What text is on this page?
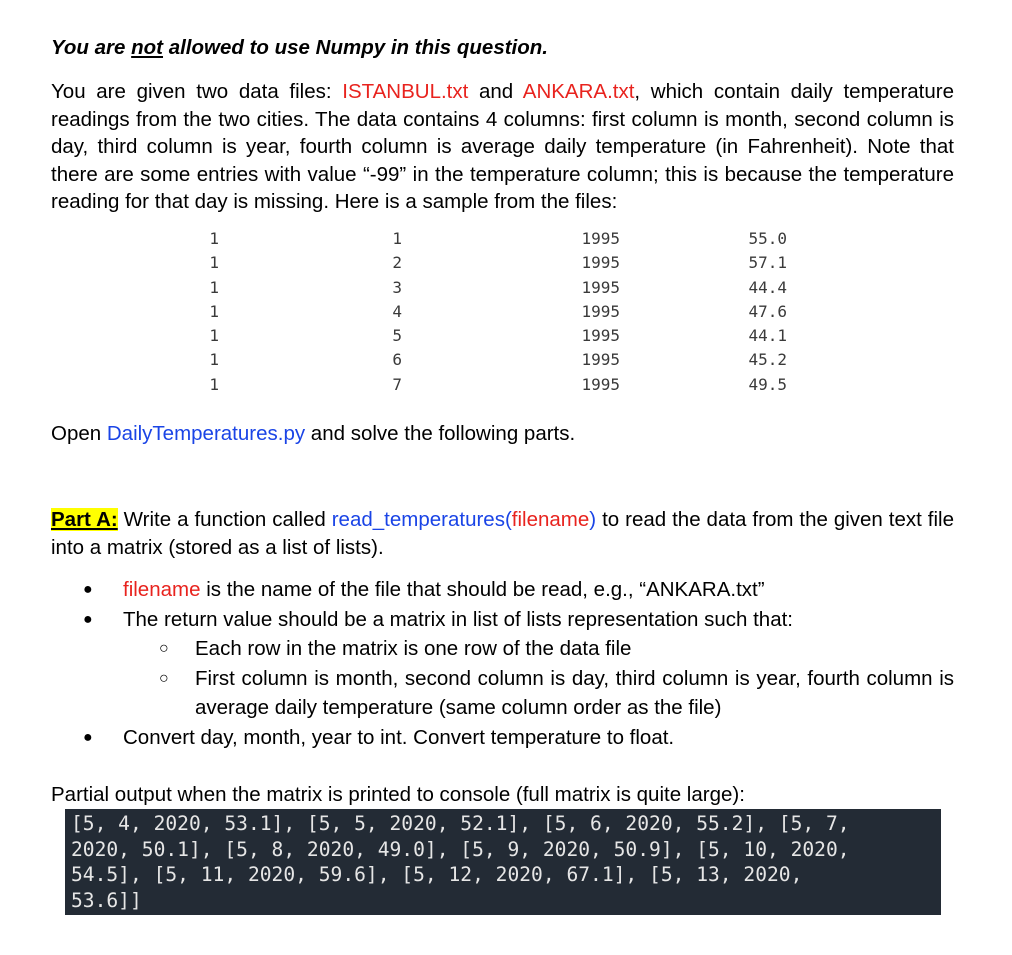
You are not allowed to use Numpy in this question.

You are given two data files: ISTANBUL.txt and ANKARA.txt, which contain daily temperature readings from the two cities. The data contains 4 columns: first column is month, second column is day, third column is year, fourth column is average daily temperature (in Fahrenheit). Note that there are some entries with value “-99” in the temperature column; this is because the temperature reading for that day is missing. Here is a sample from the files:

1	1	1995	55.0
1	2	1995	57.1
1	3	1995	44.4
1	4	1995	47.6
1	5	1995	44.1
1	6	1995	45.2
1	7	1995	49.5

Open DailyTemperatures.py and solve the following parts.

Part A: Write a function called read_temperatures(filename) to read the data from the given text file into a matrix (stored as a list of lists).

● filename is the name of the file that should be read, e.g., “ANKARA.txt”
● The return value should be a matrix in list of lists representation such that:
○ Each row in the matrix is one row of the data file
○ First column is month, second column is day, third column is year, fourth column is average daily temperature (same column order as the file)
● Convert day, month, year to int. Convert temperature to float.

Partial output when the matrix is printed to console (full matrix is quite large):

[5, 4, 2020, 53.1], [5, 5, 2020, 52.1], [5, 6, 2020, 55.2], [5, 7,
2020, 50.1], [5, 8, 2020, 49.0], [5, 9, 2020, 50.9], [5, 10, 2020,
54.5], [5, 11, 2020, 59.6], [5, 12, 2020, 67.1], [5, 13, 2020,
53.6]]
